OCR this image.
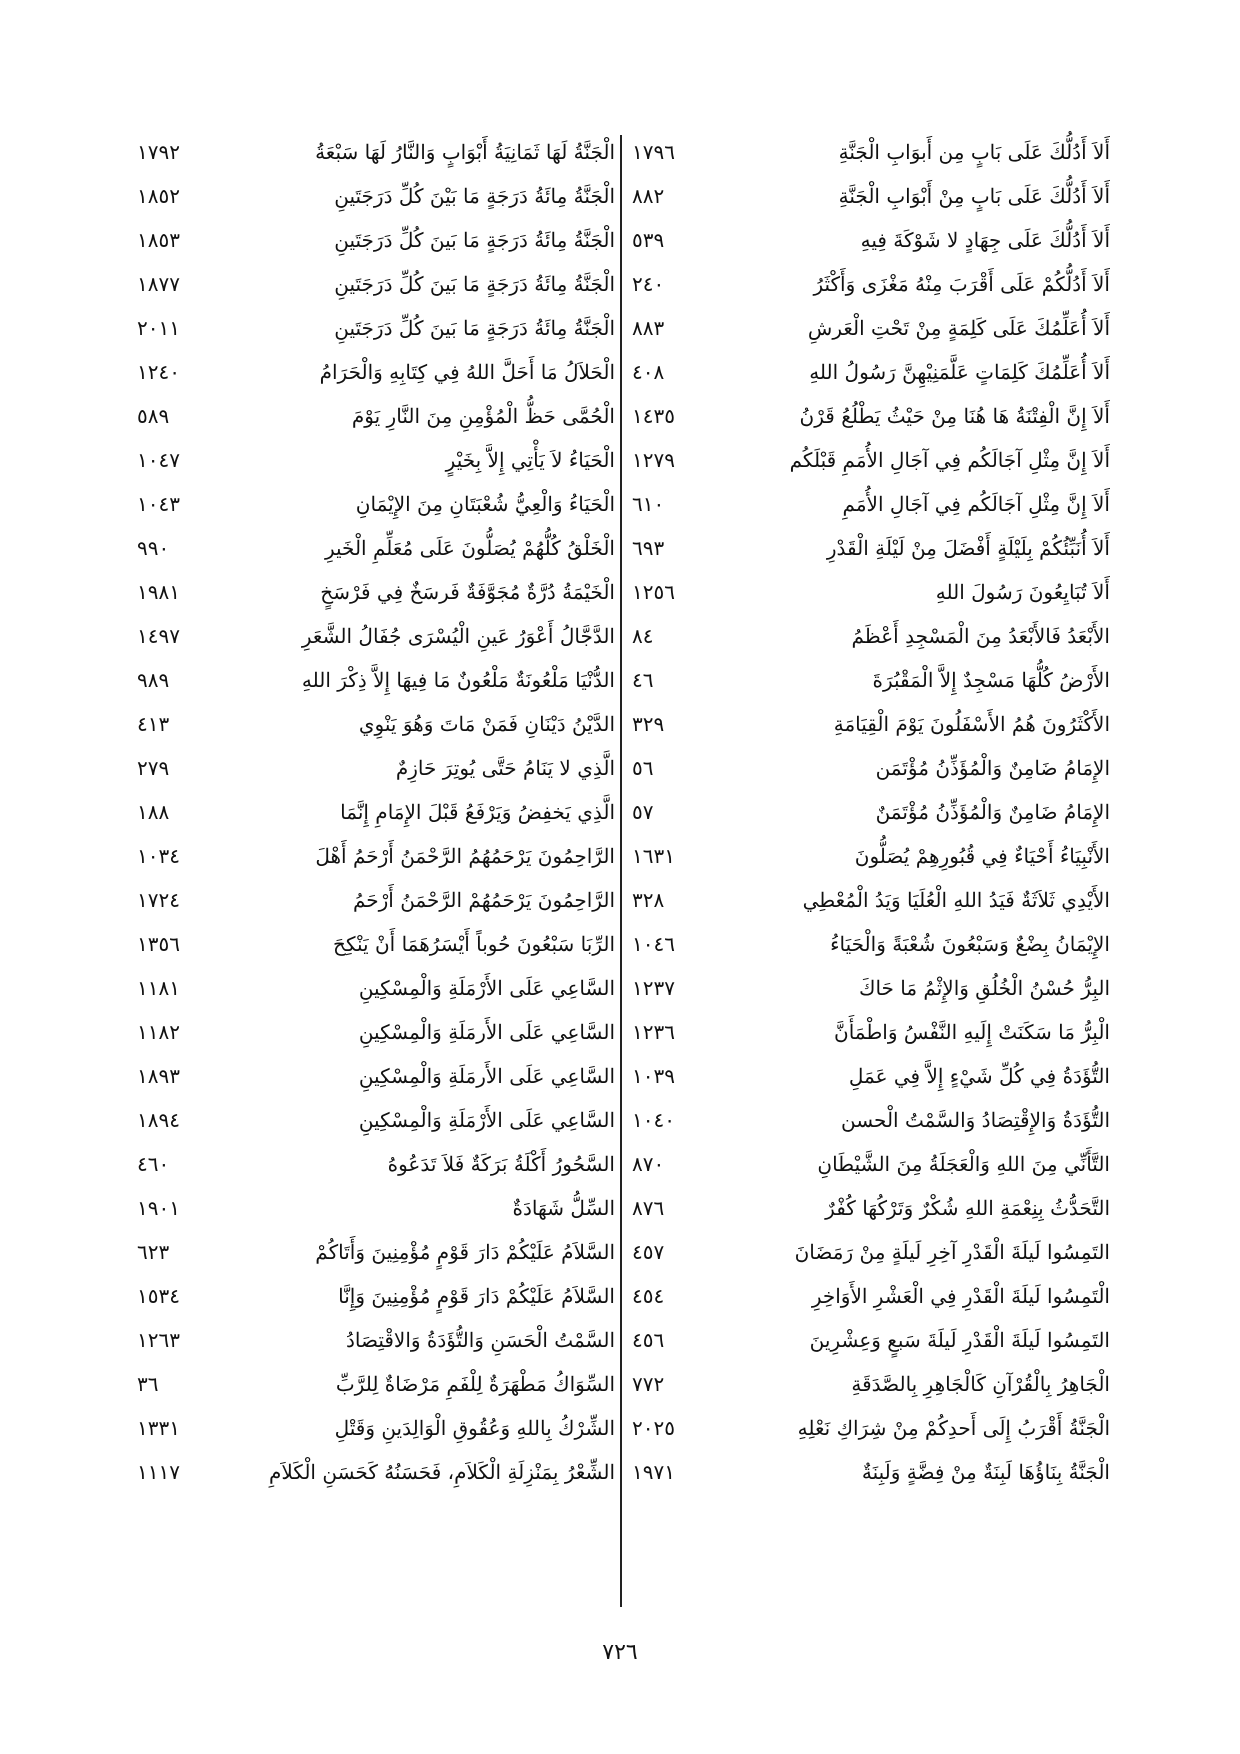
أَلاَ أَدُلُّكَ عَلَى بَابٍ مِن أَبوَابِ الْجَنَّةِ
١٧٩٦
أَلاَ أَدُلُّكَ عَلَى بَابٍ مِنْ أَبْوَابِ الْجَنَّةِ
٨٨٢
أَلاَ أَدُلُّكَ عَلَى جِهَادٍ لا شَوْكَةَ فِيهِ
٥٣٩
أَلاَ أَدُلُّكُمْ عَلَى أَقْرَبَ مِنْهُ مَغْزَى وَأَكْثَرُ
٢٤٠
أَلاَ أُعَلِّمُكَ عَلَى كَلِمَةٍ مِنْ تَحْتِ الْعَرشِ
٨٨٣
أَلاَ أُعَلِّمُكَ كَلِمَاتٍ عَلَّمَنِيْهِنَّ رَسُولُ اللهِ
٤٠٨
أَلاَ إِنَّ الْفِتْنَةُ هَا هُنَا مِنْ حَيْثُ يَطْلُعُ قَرْنُ
١٤٣٥
أَلاَ إِنَّ مِثْلِ آجَالَكُم فِي آجَالِ الأُمَمِ قَبْلَكُم
١٢٧٩
أَلاَ إِنَّ مِثْلِ آجَالَكُم فِي آجَالِ الأُمَمِ
٦١٠
أَلاَ أُنَبِّئُكُمْ بِلَيْلَةٍ أَفْضَلَ مِنْ لَيْلَةِ الْقَدْرِ
٦٩٣
أَلاَ تُبَايِعُونَ رَسُولَ اللهِ
١٢٥٦
الأَبْعَدُ فَالأَبْعَدُ مِنَ الْمَسْجِدِ أَعْظَمُ
٨٤
الأَرْضُ كُلُّهَا مَسْجِدٌ إِلاَّ الْمَقْبُرَةَ
٤٦
الأَكْثَرُونَ هُمُ الأَسْفَلُونَ يَوْمَ الْقِيَامَةِ
٣٢٩
الإِمَامُ ضَامِنٌ وَالْمُؤَذِّنُ مُؤْتَمَن
٥٦
الإِمَامُ ضَامِنٌ وَالْمُؤَذِّنُ مُؤْتَمَنٌ
٥٧
الأَنْبِيَاءُ أَحْيَاءٌ فِي قُبُورِهِمْ يُصَلُّونَ
١٦٣١
الأَيْدِي ثَلاَثَةٌ فَيَدُ اللهِ الْعُلَيَا وَيَدُ الْمُعْطِي
٣٢٨
الإِيْمَانُ بِضْعٌ وَسَبْعُونَ شُعْبَةً وَالْحَيَاءُ
١٠٤٦
البِرُّ حُسْنُ الْخُلُقِ وَالإِثْمُ مَا حَاكَ
١٢٣٧
الْبِرُّ مَا سَكَنَتْ إِلَيهِ النَّفْسُ وَاطْمَأَنَّ
١٢٣٦
التُّؤَدَةُ فِي كُلِّ شَيْءٍ إِلاَّ فِي عَمَلِ
١٠٣٩
التُّؤَدَةُ وَالإِقْتِصَادُ وَالسَّمْتُ الْحسن
١٠٤٠
التَّأَنِّي مِنَ اللهِ وَالْعَجَلَةُ مِنَ الشَّيْطَانِ
٨٧٠
التَّحَدُّثُ بِنِعْمَةِ اللهِ شُكْرٌ وَتَرْكُهَا كُفْرٌ
٨٧٦
التَمِسُوا لَيلَةَ الْقَدْرِ آخِرِ لَيلَةٍ مِنْ رَمَضَانَ
٤٥٧
الْتَمِسُوا لَيلَةَ الْقَدْرِ فِي الْعَشْرِ الأَوَاخِرِ
٤٥٤
التَمِسُوا لَيلَةَ الْقَدْرِ لَيلَةَ سَبعٍ وَعِشْرِينَ
٤٥٦
الْجَاهِرُ بِالْقُرْآنِ كَالْجَاهِرِ بِالصَّدَقَةِ
٧٧٢
الْجَنَّةُ أَقْرَبُ إِلَى أَحدِكُمْ مِنْ شِرَاكِ نَعْلِهِ
٢٠٢٥
الْجَنَّةُ بِنَاؤُهَا لَبِنَةٌ مِنْ فِضَّةٍ وَلَبِنَةٌ
١٩٧١
الْجَنَّةُ لَهَا ثَمَانِيَةُ أَبْوَابٍ وَالنَّارُ لَهَا سَبْعَةُ
١٧٩٢
الْجَنَّةُ مِائَةُ دَرَجَةٍ مَا بَيْنَ كُلِّ دَرَجَتَينِ
١٨٥٢
الْجَنَّةُ مِائَةُ دَرَجَةٍ مَا بَينَ كُلِّ دَرَجَتَينِ
١٨٥٣
الْجَنَّةُ مِائَةُ دَرَجَةٍ مَا بَينَ كُلِّ دَرَجَتَينِ
١٨٧٧
الْجَنَّةُ مِائَةُ دَرَجَةٍ مَا بَينَ كُلِّ دَرَجَتَينِ
٢٠١١
الْحَلاَلُ مَا أَحَلَّ اللهُ فِي كِتَابِهِ وَالْحَرَامُ
١٢٤٠
الْحُمَّى حَظُّ الْمُؤْمِنِ مِنَ النَّارِ يَوْمَ
٥٨٩
الْحَيَاءُ لاَ يَأْتِي إِلاَّ بِخَيْرٍ
١٠٤٧
الْحَيَاءُ وَالْعِيُّ شُعْبَتَانِ مِنَ الإِيْمَانِ
١٠٤٣
الْخَلْقُ كُلُّهُمْ يُصَلُّونَ عَلَى مُعَلِّمِ الْخَيرِ
٩٩٠
الْخَيْمَةُ دُرَّةٌ مُجَوَّفَةٌ فَرسَخٌ فِي فَرْسَخٍ
١٩٨١
الدَّجَّالُ أَعْوَرُ عَينِ الْيُسْرَى جُفَالُ الشَّعَرِ
١٤٩٧
الدُّنْيَا مَلْعُونَةٌ مَلْعُونٌ مَا فِيهَا إِلاَّ ذِكْرَ اللهِ
٩٨٩
الدَّيْنُ دَيْنَانِ فَمَنْ مَاتَ وَهُوَ يَنْوِي
٤١٣
الَّذِي لا يَنَامُ حَتَّى يُوتِرَ حَازِمٌ
٢٧٩
الَّذِي يَخفِضُ وَيَرْفَعُ قَبْلَ الإِمَامِ إِنَّمَا
١٨٨
الرَّاحِمُونَ يَرْحَمُهُمُ الرَّحْمَنُ أَرْحَمُ أَهْلَ
١٠٣٤
الرَّاحِمُونَ يَرْحَمُهُمْ الرَّحْمَنُ أَرْحَمُ
١٧٢٤
الرِّبَا سَبْعُونَ حُوباً أَيْسَرُهَمَا أَنْ يَنْكِحَ
١٣٥٦
السَّاعِي عَلَى الأَرْمَلَةِ وَالْمِسْكِينِ
١١٨١
السَّاعِي عَلَى الأَرمَلَةِ وَالْمِسْكِينِ
١١٨٢
السَّاعِي عَلَى الأَرمَلَةِ وَالْمِسْكِينِ
١٨٩٣
السَّاعِي عَلَى الأَرْمَلَةِ وَالْمِسْكِينِ
١٨٩٤
السَّحُورُ أَكْلَةُ بَرَكَةٌ فَلاَ تَدَعُوهُ
٤٦٠
السِّلُّ شَهَادَةٌ
١٩٠١
السَّلاَمُ عَلَيْكُمْ دَارَ قَوْمٍ مُؤْمِنِينَ وَأَتَاكُمْ
٦٢٣
السَّلاَمُ عَلَيْكُمْ دَارَ قَوْمٍ مُؤْمِنِينَ وَإِنَّا
١٥٣٤
السَّمْتُ الْحَسَنِ وَالتُّؤَدَةُ وَالاقْتِصَادُ
١٢٦٣
السِّوَاكُ مَطْهَرَةٌ لِلْفَمِ مَرْضَاةٌ لِلرَّبِّ
٣٦
الشِّرْكُ بِاللهِ وَعُقُوقِ الْوَالِدَينِ وَقَتْلِ
١٣٣١
الشِّعْرُ بِمَنْزِلَةِ الْكَلاَمِ، فَحَسَنُهُ كَحَسَنِ الْكَلاَمِ
١١١٧
٧٢٦
